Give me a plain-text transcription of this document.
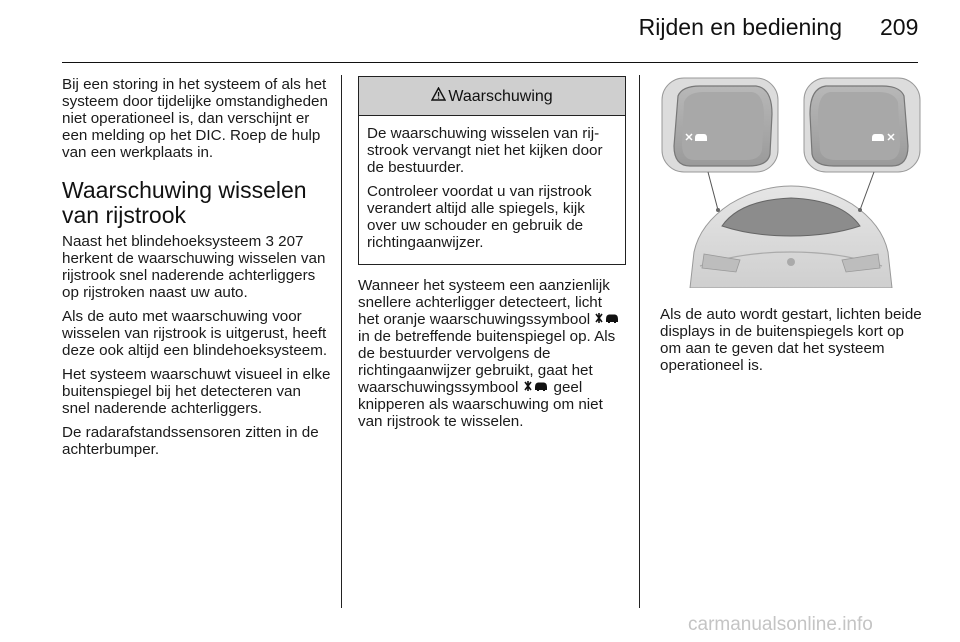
Rijden en bediening 209

Bij een storing in het systeem of als het systeem door tijdelijke omstandigheden niet operationeel is, dan verschijnt er een melding op het DIC. Roep de hulp van een werkplaats in.

Waarschuwing wisselen van rijstrook

Naast het blindehoeksysteem 3 207 herkent de waarschuwing wisselen van rijstrook snel naderende achterliggers op rijstroken naast uw auto.

Als de auto met waarschuwing voor wisselen van rijstrook is uitgerust, heeft deze ook altijd een blindehoeksysteem.

Het systeem waarschuwt visueel in elke buitenspiegel bij het detecteren van snel naderende achterliggers.

De radarafstandssensoren zitten in de achterbumper.

Waarschuwing

De waarschuwing wisselen van rijstrook vervangt niet het kijken door de bestuurder.

Controleer voordat u van rijstrook verandert altijd alle spiegels, kijk over uw schouder en gebruik de richtingaanwijzer.

Wanneer het systeem een aanzienlijk snellere achterligger detecteert, licht het oranje waarschuwingssymbool  in de betreffende buitenspiegel op. Als de bestuurder vervolgens de richtingaanwijzer gebruikt, gaat het waarschuwingssymbool geel knipperen als waarschuwing om niet van rijstrook te wisselen.

Als de auto wordt gestart, lichten beide displays in de buitenspiegels kort op om aan te geven dat het systeem operationeel is.

carmanualsonline.info
